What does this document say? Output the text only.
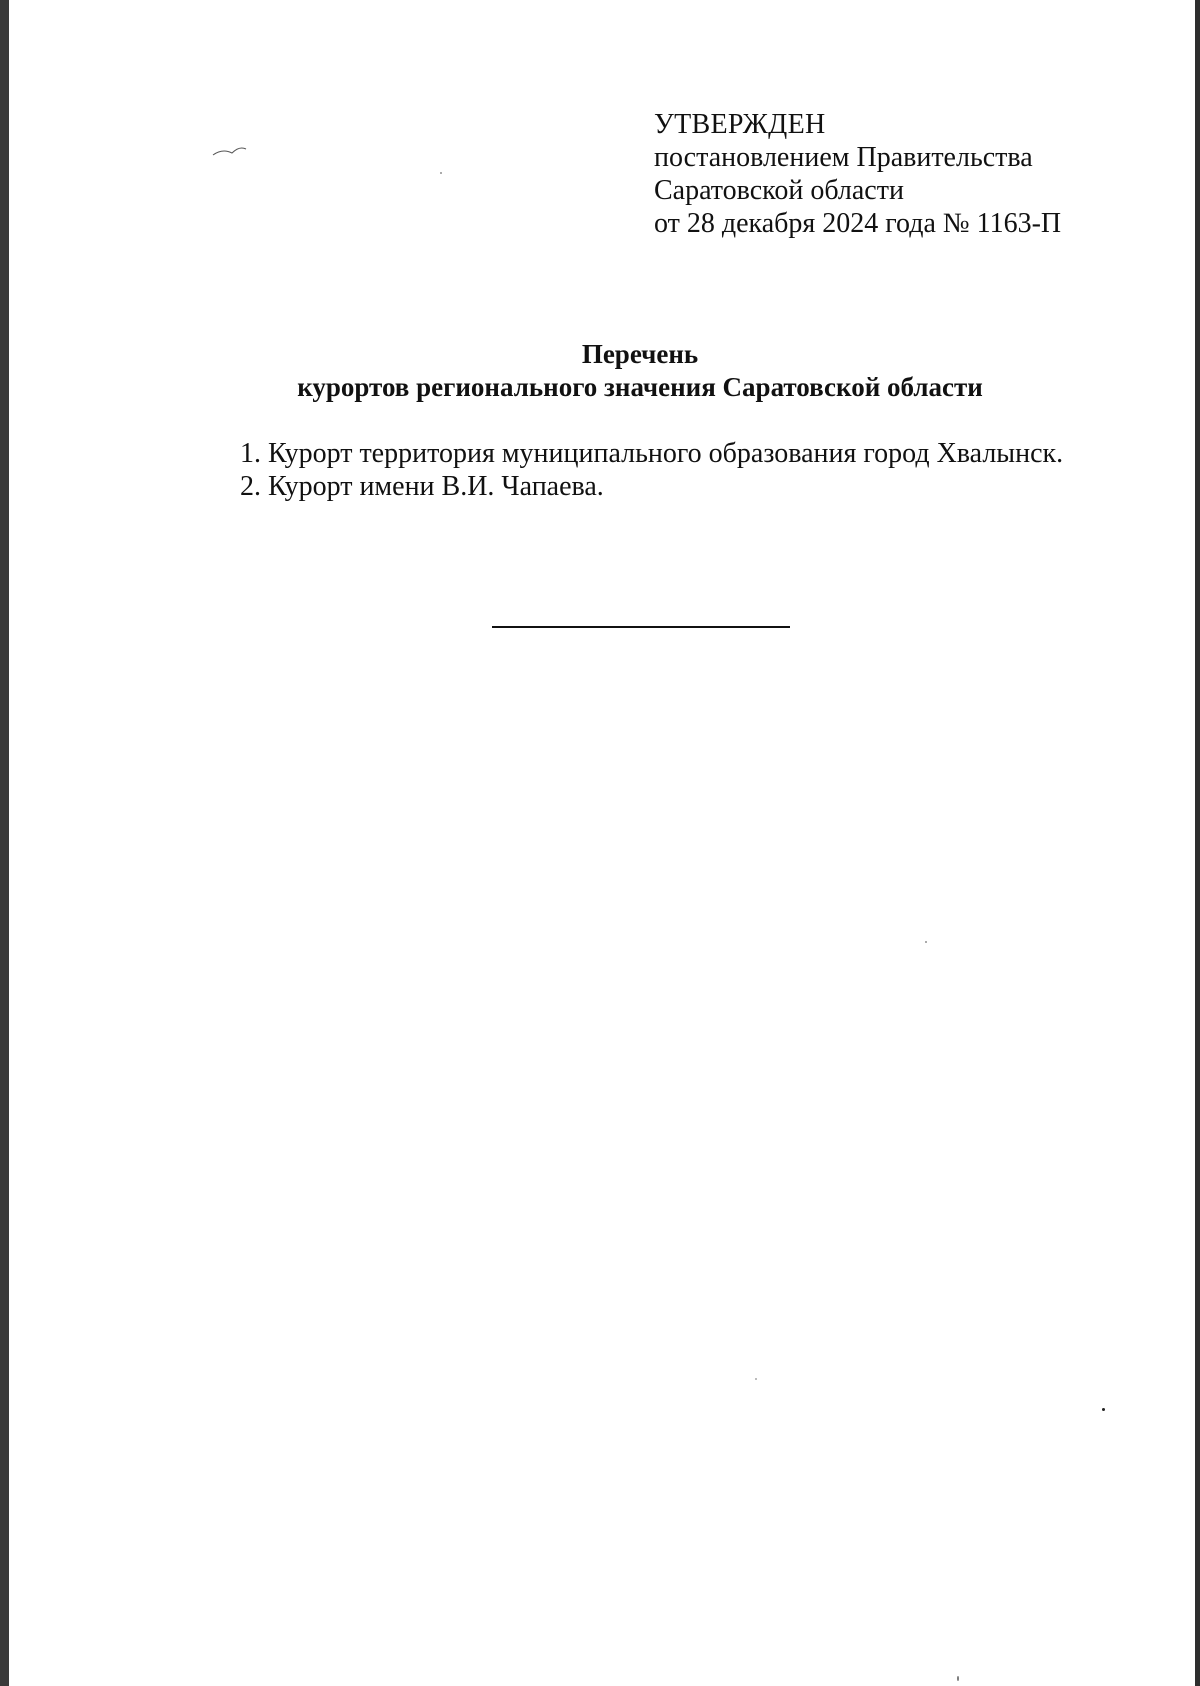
УТВЕРЖДЕН
постановлением Правительства
Саратовской области
от 28 декабря 2024 года № 1163-П
Перечень
курортов регионального значения Саратовской области
1. Курорт территория муниципального образования город Хвалынск.
2. Курорт имени В.И. Чапаева.
